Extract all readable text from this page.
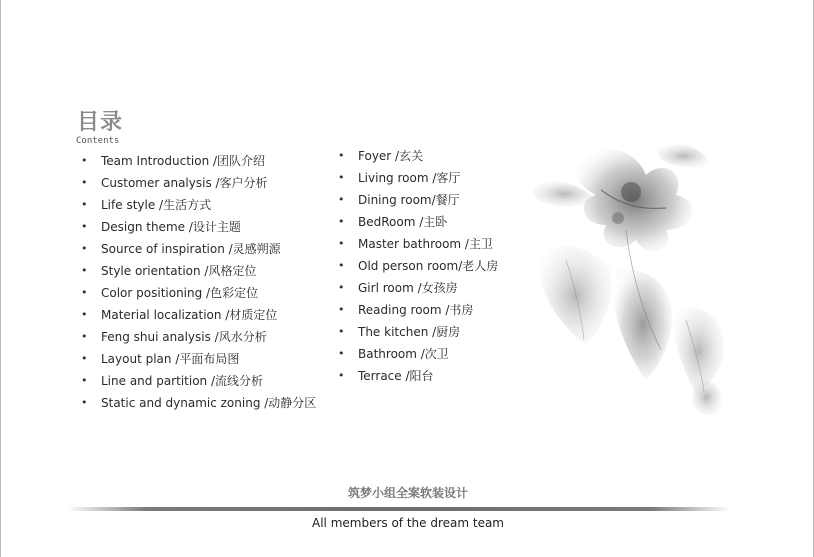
目录
Contents
• Team Introduction /团队介绍
• Customer analysis /客户分析
• Life style /生活方式
• Design theme /设计主题
• Source of inspiration /灵感朔源
• Style orientation /风格定位
• Color positioning /色彩定位
• Material localization /材质定位
• Feng shui analysis /风水分析
• Layout plan /平面布局图
• Line and partition /流线分析
• Static and dynamic zoning /动静分区
• Foyer /玄关
• Living room /客厅
• Dining room/餐厅
• BedRoom /主卧
• Master bathroom /主卫
• Old person room/老人房
• Girl room /女孩房
• Reading room /书房
• The kitchen /厨房
• Bathroom /次卫
• Terrace /阳台
筑梦小组全案软装设计
All members of the dream team
